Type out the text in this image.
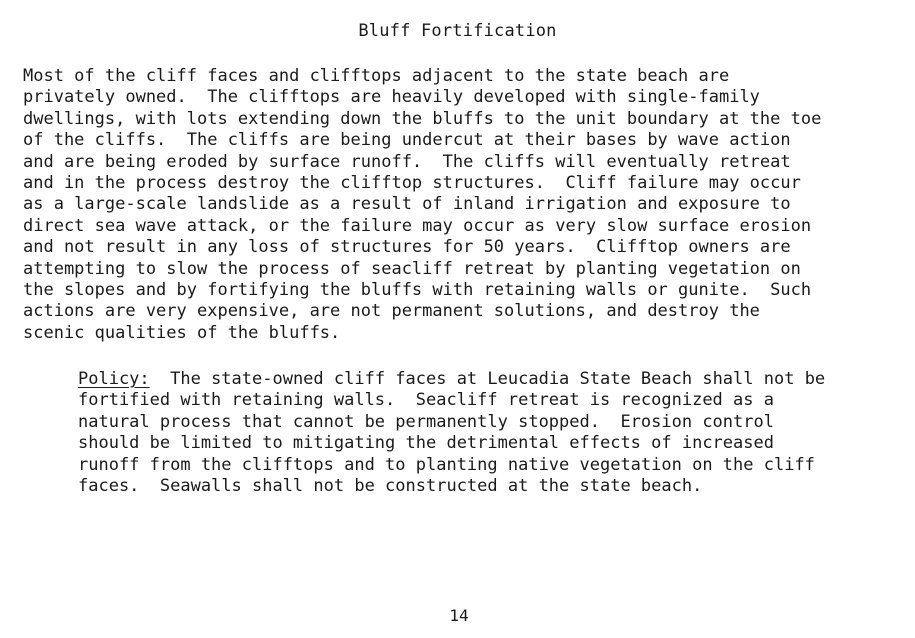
Bluff Fortification
Most of the cliff faces and clifftops adjacent to the state beach are
privately owned.  The clifftops are heavily developed with single-family
dwellings, with lots extending down the bluffs to the unit boundary at the toe
of the cliffs.  The cliffs are being undercut at their bases by wave action
and are being eroded by surface runoff.  The cliffs will eventually retreat
and in the process destroy the clifftop structures.  Cliff failure may occur
as a large-scale landslide as a result of inland irrigation and exposure to
direct sea wave attack, or the failure may occur as very slow surface erosion
and not result in any loss of structures for 50 years.  Clifftop owners are
attempting to slow the process of seacliff retreat by planting vegetation on
the slopes and by fortifying the bluffs with retaining walls or gunite.  Such
actions are very expensive, are not permanent solutions, and destroy the
scenic qualities of the bluffs.
Policy:  The state-owned cliff faces at Leucadia State Beach shall not be
fortified with retaining walls.  Seacliff retreat is recognized as a
natural process that cannot be permanently stopped.  Erosion control
should be limited to mitigating the detrimental effects of increased
runoff from the clifftops and to planting native vegetation on the cliff
faces.  Seawalls shall not be constructed at the state beach.
14
